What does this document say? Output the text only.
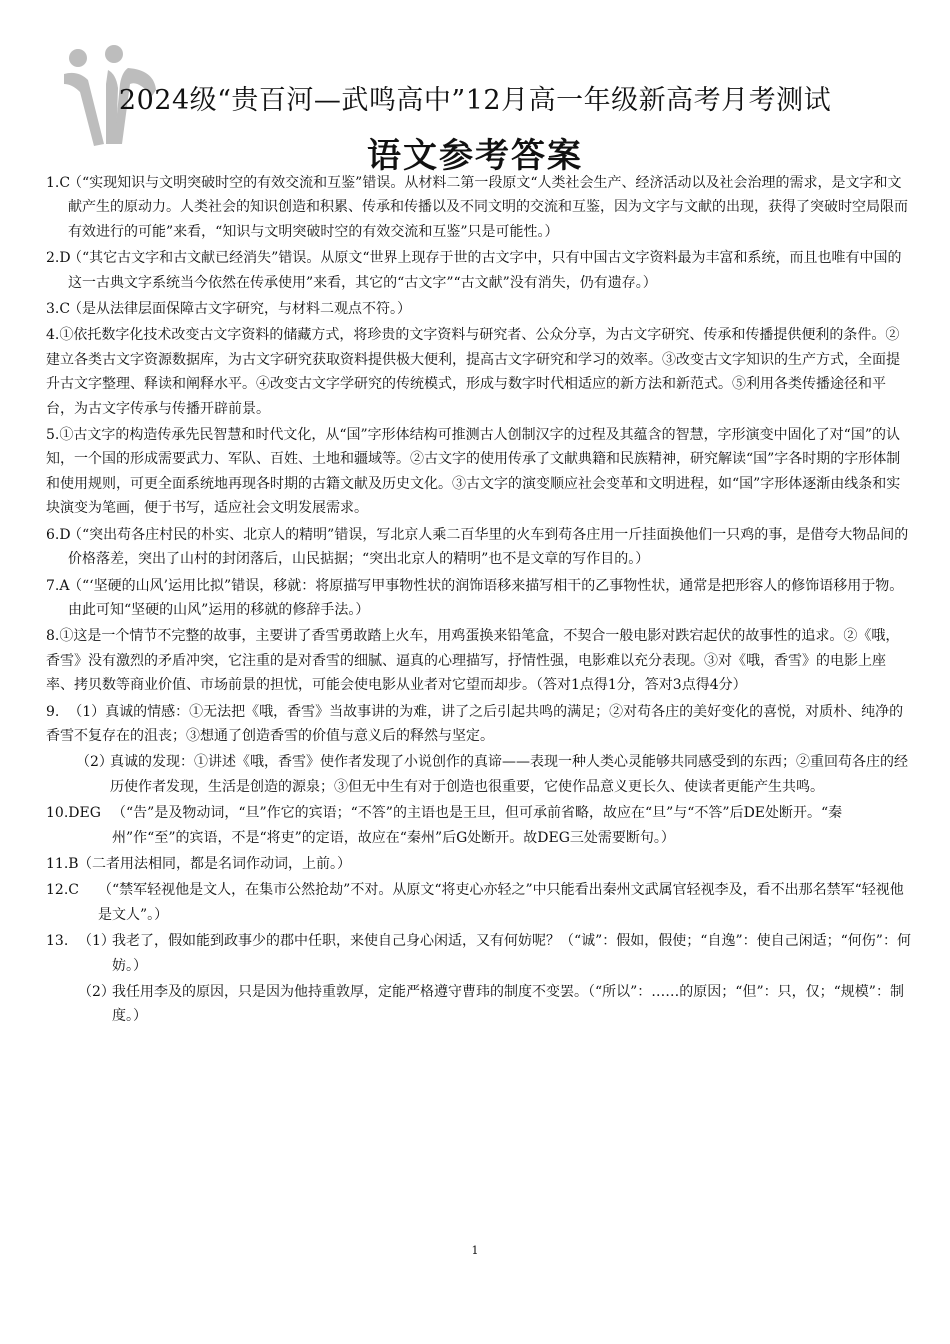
2024级“贵百河—武鸣高中”12月高一年级新高考月考测试
语文参考答案
1.C
（“实现知识与文明突破时空的有效交流和互鉴”错误。从材料二第一段原文“人类社会生产、经济活动以及社会治理的需求，是文字和文献产生的原动力。人类社会的知识创造和积累、传承和传播以及不同文明的交流和互鉴，因为文字与文献的出现，获得了突破时空局限而有效进行的可能”来看，“知识与文明突破时空的有效交流和互鉴”只是可能性。）
2.D
（“其它古文字和古文献已经消失”错误。从原文“世界上现存于世的古文字中，只有中国古文字资料最为丰富和系统，而且也唯有中国的这一古典文字系统当今依然在传承使用”来看，其它的“古文字”“古文献”没有消失，仍有遗存。）
3.C
（是从法律层面保障古文字研究，与材料二观点不符。）
4.①依托数字化技术改变古文字资料的储藏方式，将珍贵的文字资料与研究者、公众分享，为古文字研究、传承和传播提供便利的条件。②建立各类古文字资源数据库，为古文字研究获取资料提供极大便利，提高古文字研究和学习的效率。③改变古文字知识的生产方式，全面提升古文字整理、释读和阐释水平。④改变古文字学研究的传统模式，形成与数字时代相适应的新方法和新范式。⑤利用各类传播途径和平台，为古文字传承与传播开辟前景。
5.①古文字的构造传承先民智慧和时代文化，从“国”字形体结构可推测古人创制汉字的过程及其蕴含的智慧，字形演变中固化了对“国”的认知，一个国的形成需要武力、军队、百姓、土地和疆域等。②古文字的使用传承了文献典籍和民族精神，研究解读“国”字各时期的字形体制和使用规则，可更全面系统地再现各时期的古籍文献及历史文化。③古文字的演变顺应社会变革和文明进程，如“国”字形体逐渐由线条和实块演变为笔画，便于书写，适应社会文明发展需求。
6.D
（“突出苟各庄村民的朴实、北京人的精明”错误，写北京人乘二百华里的火车到苟各庄用一斤挂面换他们一只鸡的事，是借夸大物品间的价格落差，突出了山村的封闭落后，山民掂据；“突出北京人的精明”也不是文章的写作目的。）
7.A
（“‘坚硬的山风’运用比拟”错误，移就：将原描写甲事物性状的润饰语移来描写相干的乙事物性状，通常是把形容人的修饰语移用于物。由此可知“坚硬的山风”运用的移就的修辞手法。）
8.①这是一个情节不完整的故事，主要讲了香雪勇敢踏上火车，用鸡蛋换来铅笔盒，不契合一般电影对跌宕起伏的故事性的追求。②《哦，香雪》没有激烈的矛盾冲突，它注重的是对香雪的细腻、逼真的心理描写，抒情性强，电影难以充分表现。③对《哦，香雪》的电影上座率、拷贝数等商业价值、市场前景的担忧，可能会使电影从业者对它望而却步。（答对1点得1分，答对3点得4分）
9. （1）真诚的情感：①无法把《哦，香雪》当故事讲的为难，讲了之后引起共鸣的满足；②对苟各庄的美好变化的喜悦，对质朴、纯净的香雪不复存在的沮丧；③想通了创造香雪的价值与意义后的释然与坚定。
（2）
真诚的发现：①讲述《哦，香雪》使作者发现了小说创作的真谛——表现一种人类心灵能够共同感受到的东西；②重回苟各庄的经历使作者发现，生活是创造的源泉；③但无中生有对于创造也很重要，它使作品意义更长久、使读者更能产生共鸣。
10.DEG （“告”是及物动词，“旦”作它的宾语；“不答”的主语也是王旦，但可承前省略，故应在“旦”与“不答”后DE处断开。“秦州”作“至”的宾语，不是“将吏”的定语，故应在“秦州”后G处断开。故DEG三处需要断句。）
11.B （二者用法相同，都是名词作动词，上前。）
12.C （“禁军轻视他是文人，在集市公然抢劫”不对。从原文“将吏心亦轻之”中只能看出秦州文武属官轻视李及，看不出那名禁军“轻视他是文人”。）
13. （1）
我老了，假如能到政事少的郡中任职，来使自己身心闲适，又有何妨呢？（“诚”：假如，假使；“自逸”：使自己闲适；“何伤”：何妨。）
（2）
我任用李及的原因，只是因为他持重敦厚，定能严格遵守曹玮的制度不变罢。（“所以”：……的原因；“但”：只，仅；“规模”：制度。）
1
